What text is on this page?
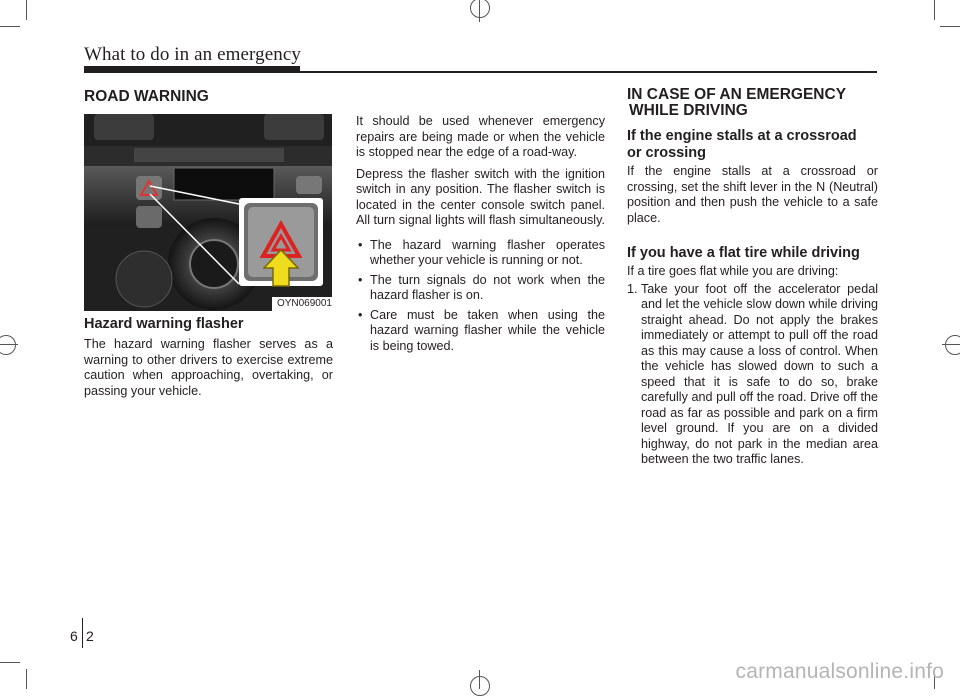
What to do in an emergency
ROAD WARNING
OYN069001
Hazard warning flasher
The hazard warning flasher serves as a warning to other drivers to exercise extreme caution when approaching, overtaking, or passing your vehicle.

It should be used whenever emergency repairs are being made or when the vehicle is stopped near the edge of a road-way.

Depress the flasher switch with the ignition switch in any position. The flasher switch is located in the center console switch panel. All turn signal lights will flash simultaneously.

• The hazard warning flasher operates whether your vehicle is running or not.
• The turn signals do not work when the hazard flasher is on.
• Care must be taken when using the hazard warning flasher while the vehicle is being towed.
IN CASE OF AN EMERGENCY
WHILE DRIVING
If the engine stalls at a crossroad
or crossing
If the engine stalls at a crossroad or crossing, set the shift lever in the N (Neutral) position and then push the vehicle to a safe place.
If you have a flat tire while driving

If a tire goes flat while you are driving:

1. Take your foot off the accelerator pedal and let the vehicle slow down while driving straight ahead. Do not apply the brakes immediately or attempt to pull off the road as this may cause a loss of control. When the vehicle has slowed down to such a speed that it is safe to do so, brake carefully and pull off the road. Drive off the road as far as possible and park on a firm level ground. If you are on a divided highway, do not park in the median area between the two traffic lanes.
6 2
carmanualsonline.info
